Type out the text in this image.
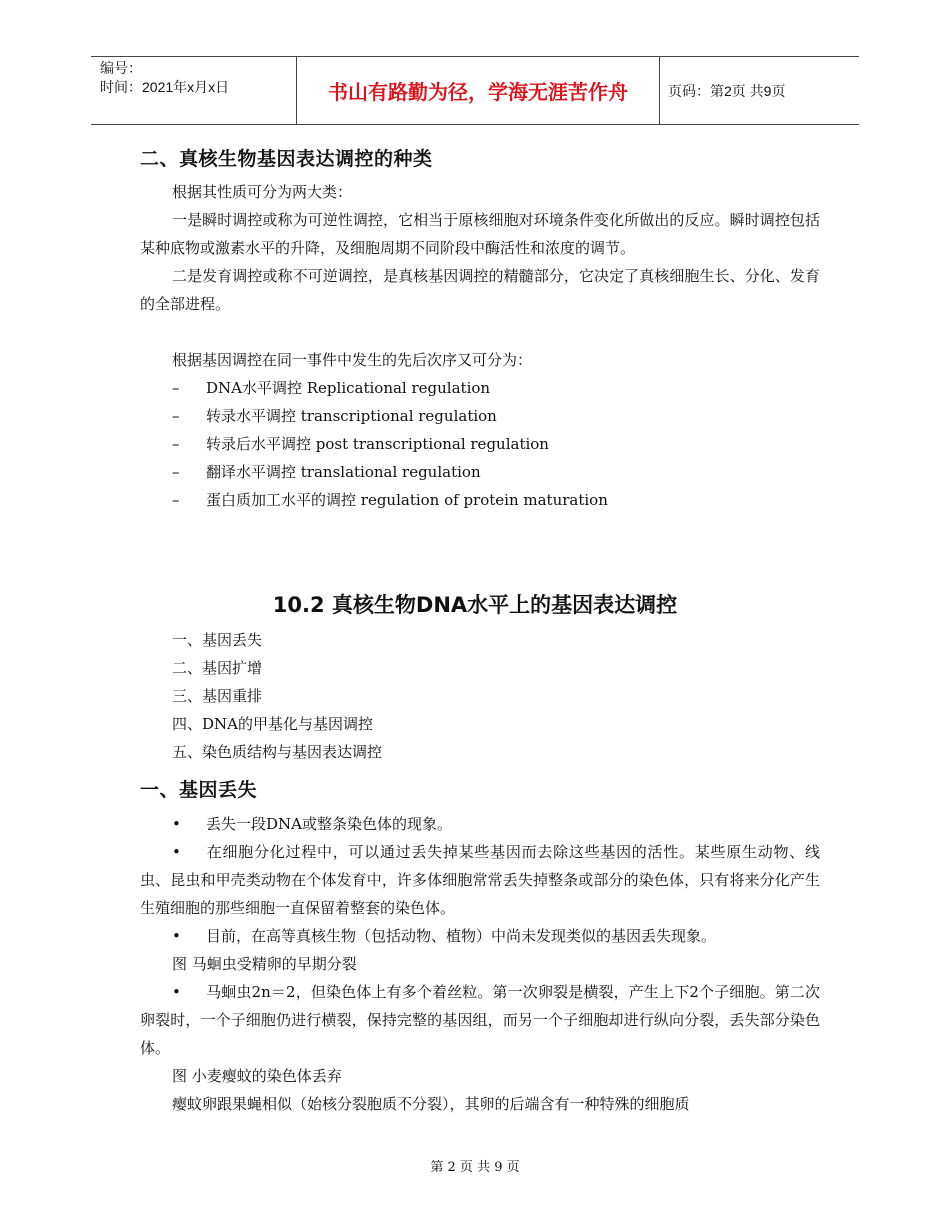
编号：
时间：2021年x月x日	书山有路勤为径，学海无涯苦作舟	页码：第2页 共9页
二、真核生物基因表达调控的种类
根据其性质可分为两大类：
一是瞬时调控或称为可逆性调控，它相当于原核细胞对环境条件变化所做出的反应。瞬时调控包括某种底物或激素水平的升降，及细胞周期不同阶段中酶活性和浓度的调节。
二是发育调控或称不可逆调控，是真核基因调控的精髓部分，它决定了真核细胞生长、分化、发育的全部进程。
根据基因调控在同一事件中发生的先后次序又可分为：
– DNA水平调控 Replicational regulation
– 转录水平调控 transcriptional regulation
– 转录后水平调控 post transcriptional regulation
– 翻译水平调控 translational regulation
– 蛋白质加工水平的调控 regulation of protein maturation
10.2 真核生物DNA水平上的基因表达调控
一、基因丢失
二、基因扩增
三、基因重排
四、DNA的甲基化与基因调控
五、染色质结构与基因表达调控
一、基因丢失
• 丢失一段DNA或整条染色体的现象。
• 在细胞分化过程中，可以通过丢失掉某些基因而去除这些基因的活性。某些原生动物、线虫、昆虫和甲壳类动物在个体发育中，许多体细胞常常丢失掉整条或部分的染色体，只有将来分化产生生殖细胞的那些细胞一直保留着整套的染色体。
• 目前，在高等真核生物（包括动物、植物）中尚未发现类似的基因丢失现象。
图 马蛔虫受精卵的早期分裂
• 马蛔虫2n＝2，但染色体上有多个着丝粒。第一次卵裂是横裂，产生上下2个子细胞。第二次卵裂时，一个子细胞仍进行横裂，保持完整的基因组，而另一个子细胞却进行纵向分裂，丢失部分染色体。
图 小麦瘿蚊的染色体丢弃
瘿蚊卵跟果蝇相似（始核分裂胞质不分裂），其卵的后端含有一种特殊的细胞质
第 2 页 共 9 页
